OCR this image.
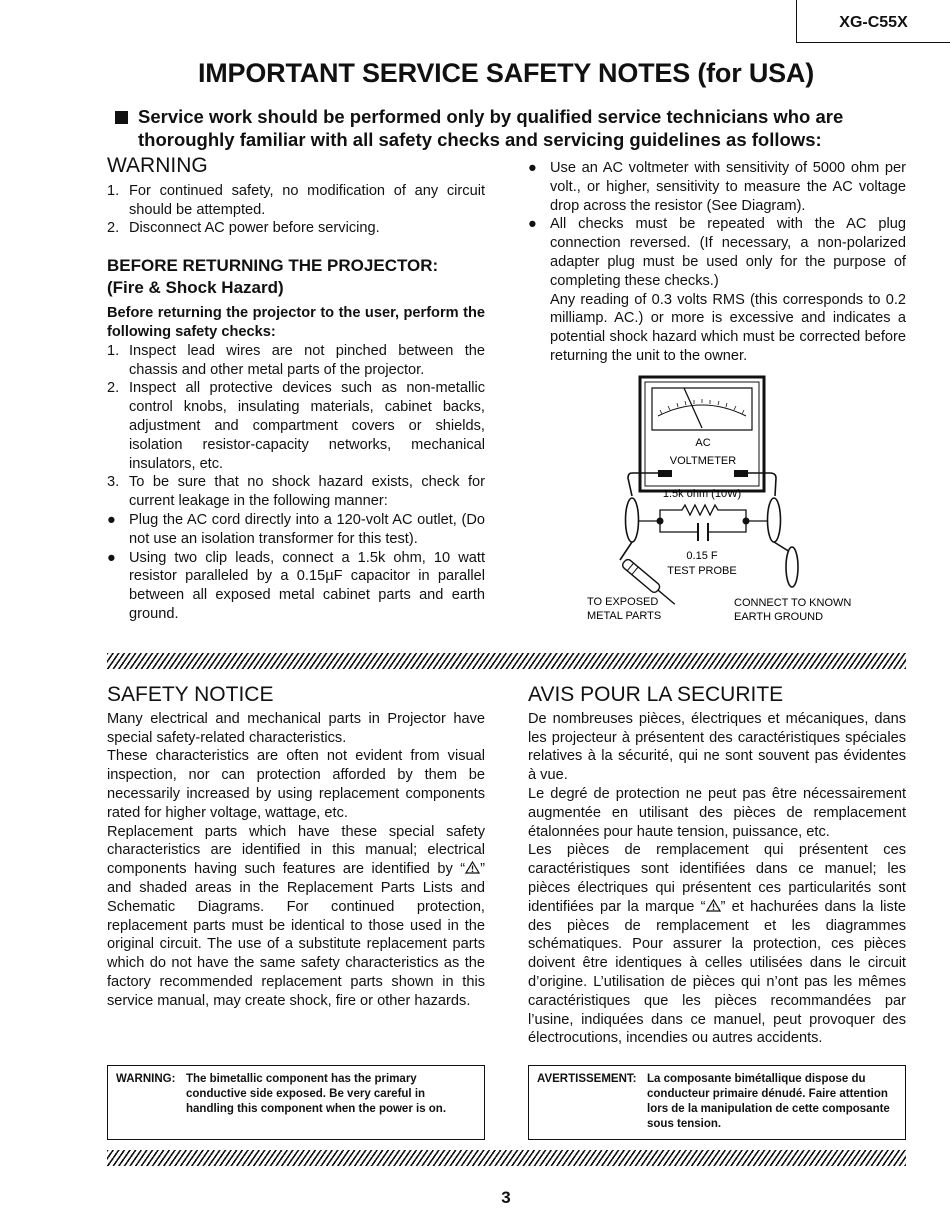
XG-C55X
IMPORTANT SERVICE SAFETY NOTES (for USA)
Service work should be performed only by qualified service technicians who are thoroughly familiar with all safety checks and servicing guidelines as follows:
WARNING
1. For continued safety, no modification of any circuit should be attempted.
2. Disconnect AC power before servicing.
BEFORE RETURNING THE PROJECTOR:
(Fire & Shock Hazard)
Before returning the projector to the user, perform the following safety checks:
1. Inspect lead wires are not pinched between the chassis and other metal parts of the projector.
2. Inspect all protective devices such as non-metallic control knobs, insulating materials, cabinet backs, adjustment and compartment covers or shields, isolation resistor-capacity networks, mechanical insulators, etc.
3. To be sure that no shock hazard exists, check for current leakage in the following manner:
● Plug the AC cord directly into a 120-volt AC outlet, (Do not use an isolation transformer for this test).
● Using two clip leads, connect a 1.5k ohm, 10 watt resistor paralleled by a 0.15µF capacitor in parallel between all exposed metal cabinet parts and earth ground.
● Use an AC voltmeter with sensitivity of 5000 ohm per volt., or higher, sensitivity to measure the AC voltage drop across the resistor (See Diagram).
● All checks must be repeated with the AC plug connection reversed. (If necessary, a non-polarized adapter plug must be used only for the purpose of completing these checks.)
Any reading of 0.3 volts RMS (this corresponds to 0.2 milliamp. AC.) or more is excessive and indicates a potential shock hazard which must be corrected before returning the unit to the owner.
AC
VOLTMETER
1.5k ohm (10W)
0.15 F
TEST PROBE
TO EXPOSED
METAL PARTS
CONNECT TO KNOWN
EARTH GROUND
SAFETY NOTICE
Many electrical and mechanical parts in Projector have special safety-related characteristics.
These characteristics are often not evident from visual inspection, nor can protection afforded by them be necessarily increased by using replacement components rated for higher voltage, wattage, etc.
Replacement parts which have these special safety characteristics are identified in this manual; electrical components having such features are identified by “ ” and shaded areas in the Replacement Parts Lists and Schematic Diagrams. For continued protection, replacement parts must be identical to those used in the original circuit. The use of a substitute replacement parts which do not have the same safety characteristics as the factory recommended replacement parts shown in this service manual, may create shock, fire or other hazards.
AVIS POUR LA SECURITE
De nombreuses pièces, électriques et mécaniques, dans les projecteur à présentent des caractéristiques spéciales relatives à la sécurité, qui ne sont souvent pas évidentes à vue.
Le degré de protection ne peut pas être nécessairement augmentée en utilisant des pièces de remplacement étalonnées pour haute tension, puissance, etc.
Les pièces de remplacement qui présentent ces caractéristiques sont identifiées dans ce manuel; les pièces électriques qui présentent ces particularités sont identifiées par la marque “ ” et hachurées dans la liste des pièces de remplacement et les diagrammes schématiques. Pour assurer la protection, ces pièces doivent être identiques à celles utilisées dans le circuit d’origine. L’utilisation de pièces qui n’ont pas les mêmes caractéristiques que les pièces recommandées par l’usine, indiquées dans ce manuel, peut provoquer des électrocutions, incendies ou autres accidents.
WARNING:	The bimetallic component has the primary conductive side exposed. Be very careful in handling this component when the power is on.
AVERTISSEMENT:	La composante bimétallique dispose du conducteur primaire dénudé. Faire attention lors de la manipulation de cette composante sous tension.
3
